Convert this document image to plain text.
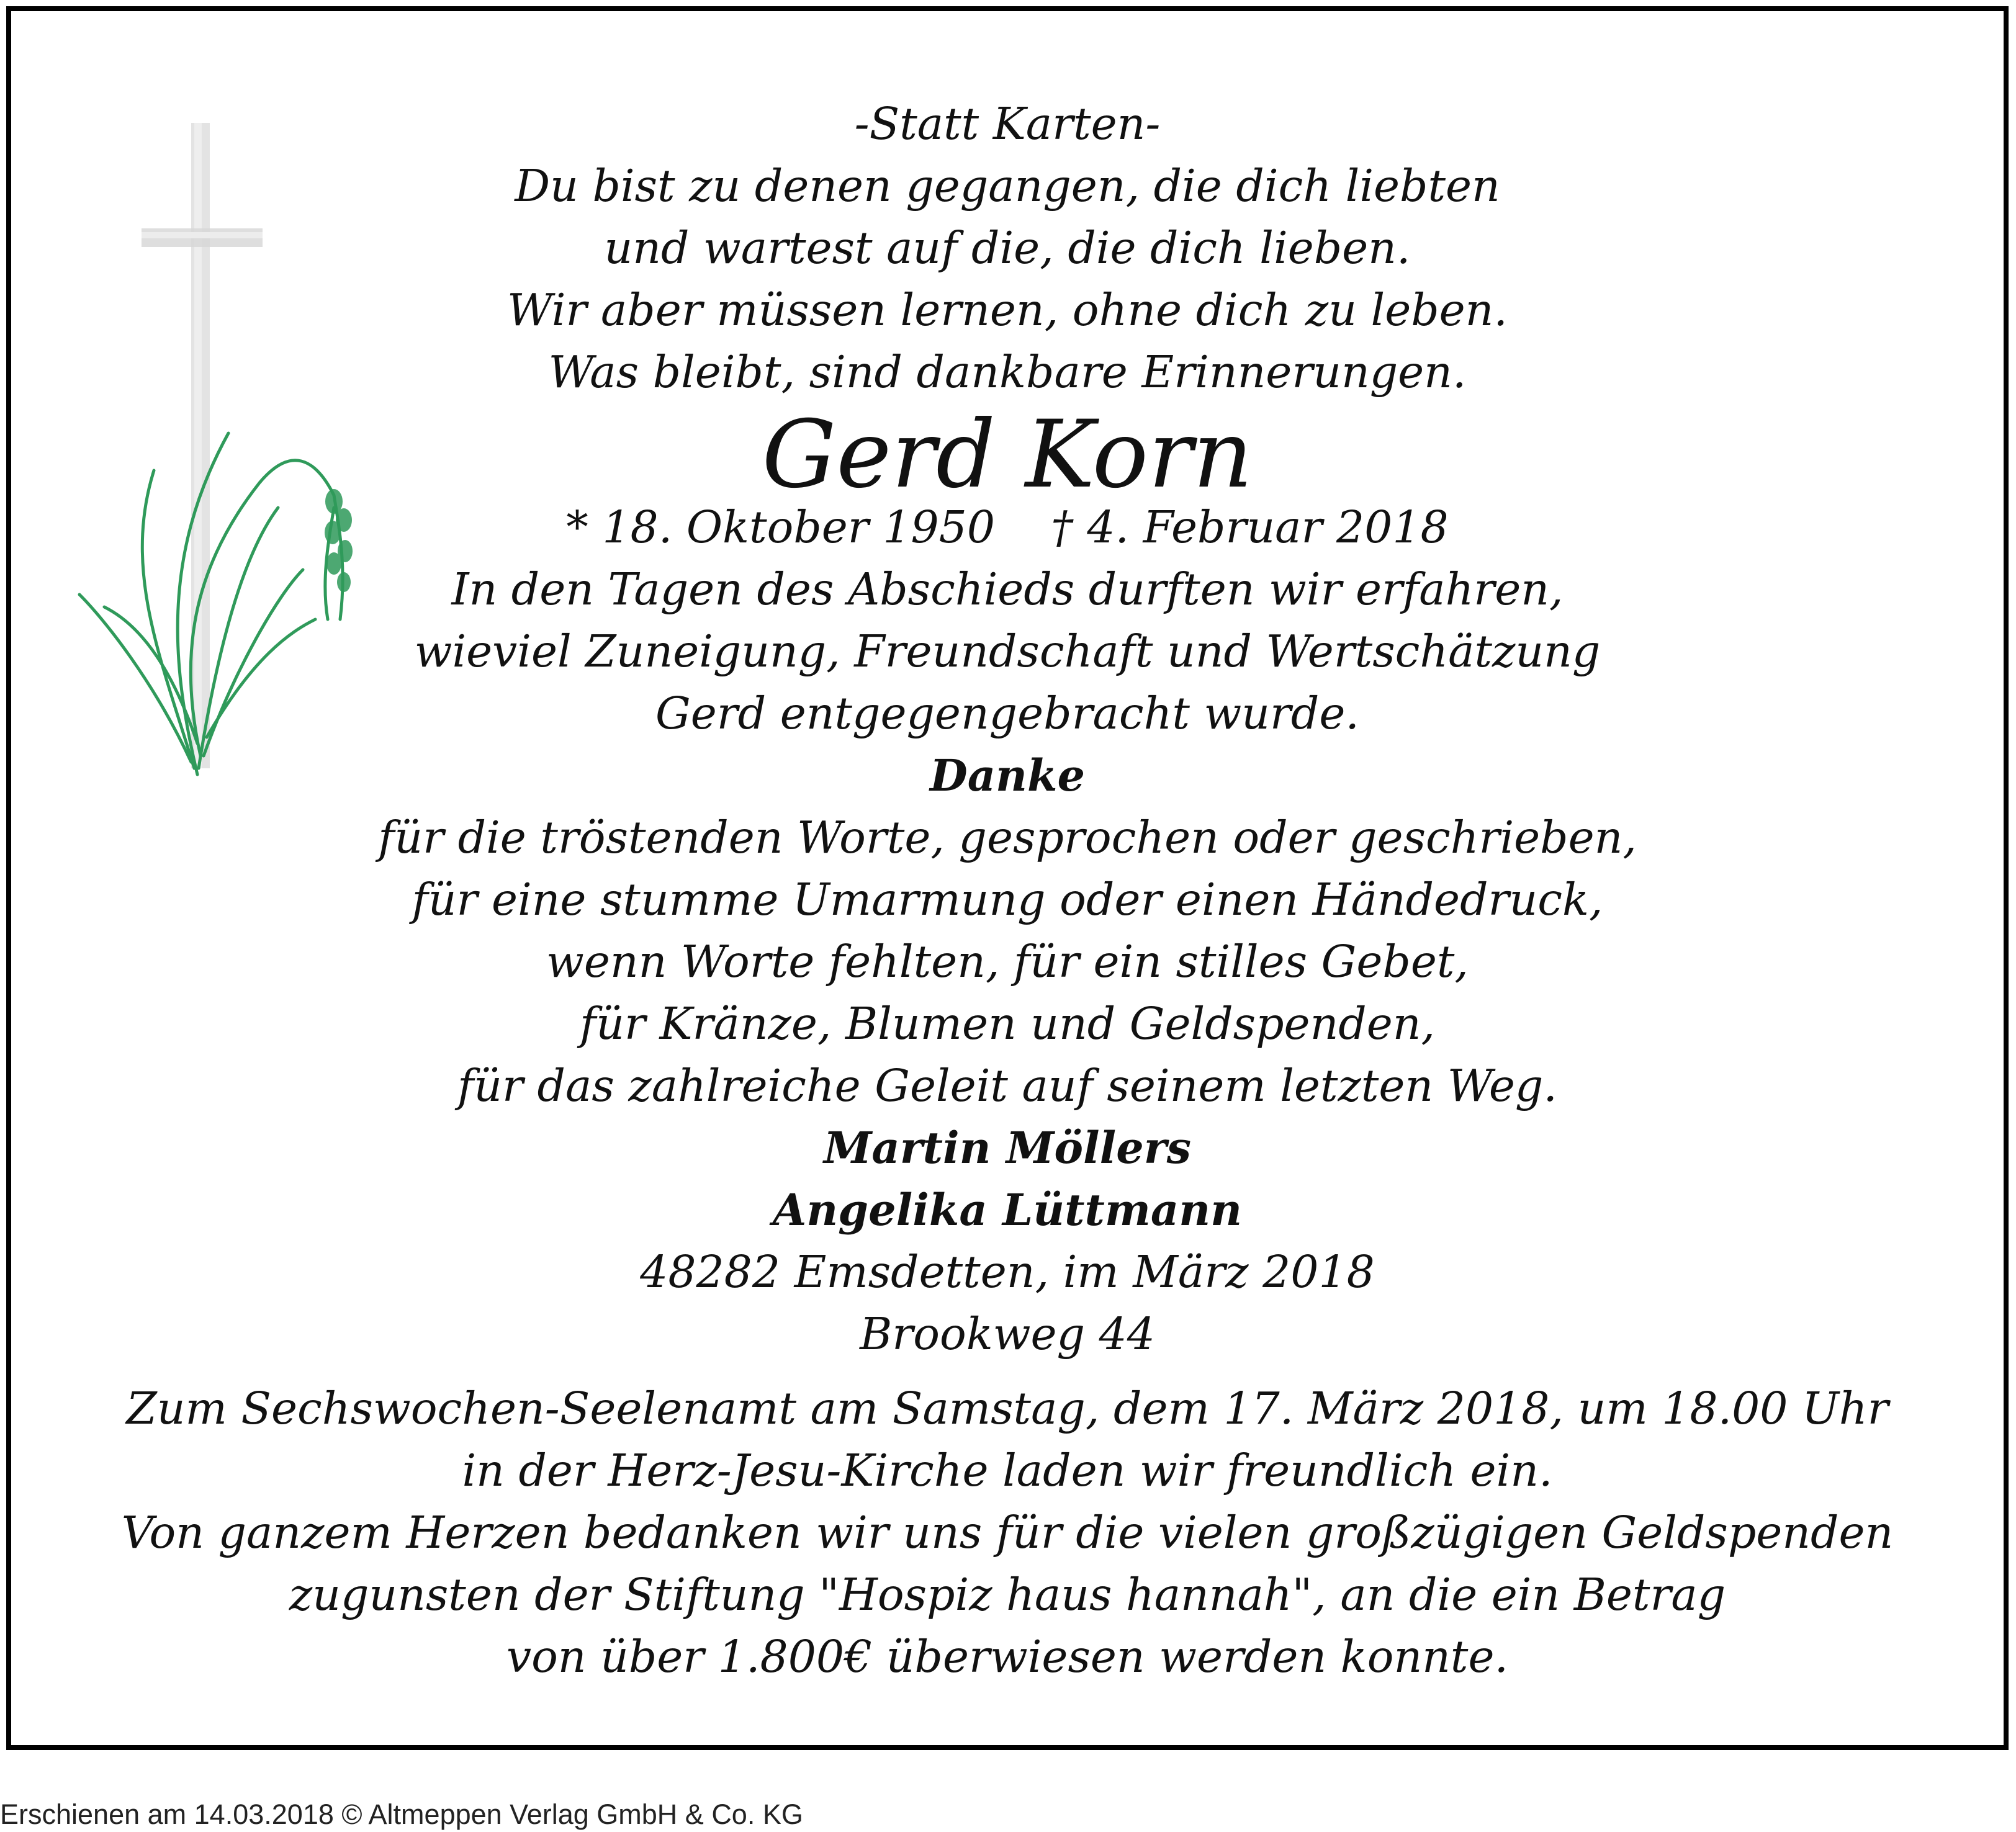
-Statt Karten-
Du bist zu denen gegangen, die dich liebten
und wartest auf die, die dich lieben.
Wir aber müssen lernen, ohne dich zu leben.
Was bleibt, sind dankbare Erinnerungen.
Gerd Korn
* 18. Oktober 1950    † 4. Februar 2018
In den Tagen des Abschieds durften wir erfahren,
wieviel Zuneigung, Freundschaft und Wertschätzung
Gerd entgegengebracht wurde.
Danke
für die tröstenden Worte, gesprochen oder geschrieben,
für eine stumme Umarmung oder einen Händedruck,
wenn Worte fehlten, für ein stilles Gebet,
für Kränze, Blumen und Geldspenden,
für das zahlreiche Geleit auf seinem letzten Weg.
Martin Möllers
Angelika Lüttmann
48282 Emsdetten, im März 2018
Brookweg 44
Zum Sechswochen-Seelenamt am Samstag, dem 17. März 2018, um 18.00 Uhr
in der Herz-Jesu-Kirche laden wir freundlich ein.
Von ganzem Herzen bedanken wir uns für die vielen großzügigen Geldspenden
zugunsten der Stiftung "Hospiz haus hannah", an die ein Betrag
von über 1.800€ überwiesen werden konnte.
Erschienen am 14.03.2018 © Altmeppen Verlag GmbH & Co. KG
